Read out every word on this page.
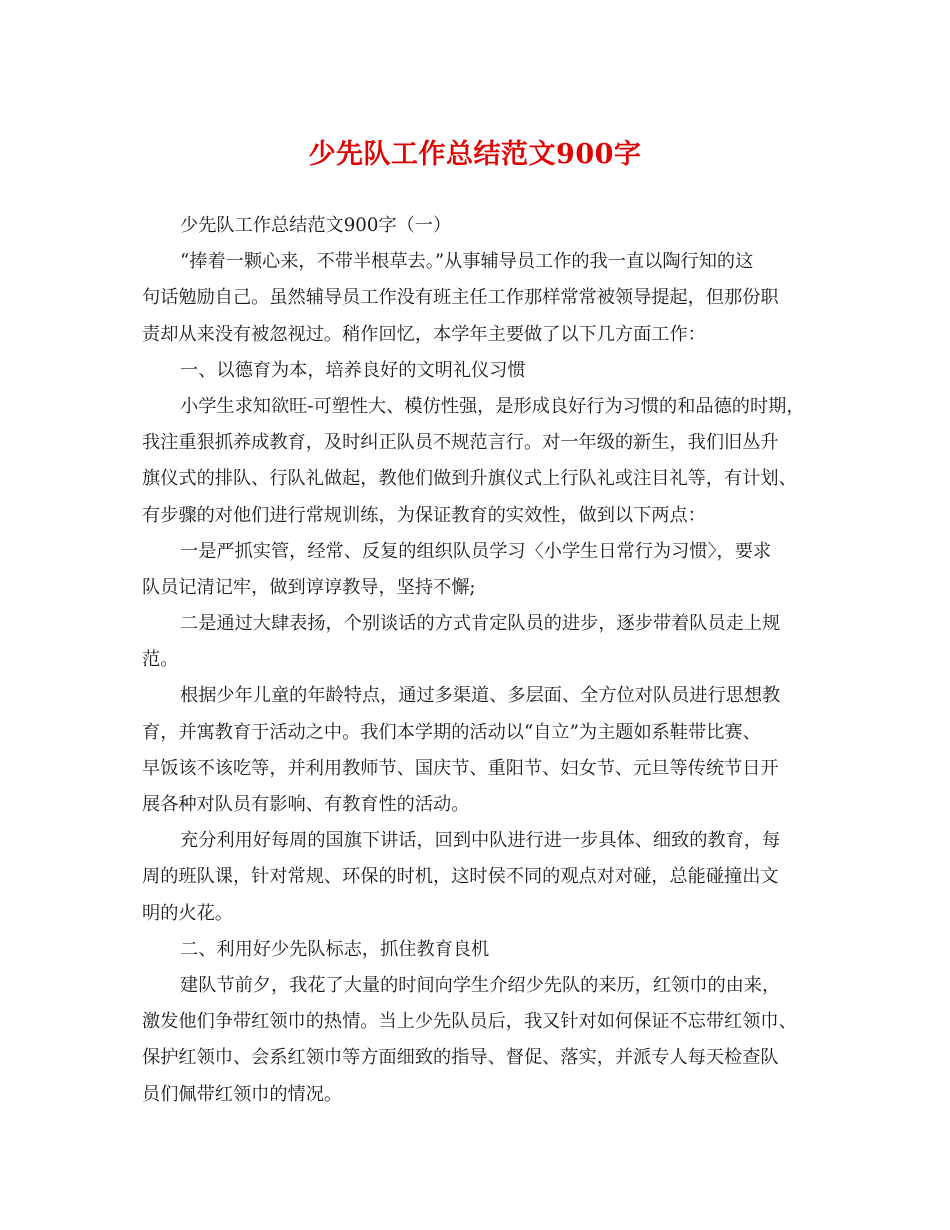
少先队工作总结范文900字
少先队工作总结范文900字（一）
“捧着一颗心来，不带半根草去。”从事辅导员工作的我一直以陶行知的这
句话勉励自己。虽然辅导员工作没有班主任工作那样常常被领导提起，但那份职
责却从来没有被忽视过。稍作回忆，本学年主要做了以下几方面工作：
一、以德育为本，培养良好的文明礼仪习惯
小学生求知欲旺-可塑性大、模仿性强，是形成良好行为习惯的和品德的时期，
我注重狠抓养成教育，及时纠正队员不规范言行。对一年级的新生，我们旧丛升
旗仪式的排队、行队礼做起，教他们做到升旗仪式上行队礼或注目礼等，有计划、
有步骤的对他们进行常规训练，为保证教育的实效性，做到以下两点：
一是严抓实管，经常、反复的组织队员学习〈小学生日常行为习惯〉，要求
队员记清记牢，做到谆谆教导，坚持不懈;
二是通过大肆表扬，个别谈话的方式肯定队员的进步，逐步带着队员走上规
范。
根据少年儿童的年龄特点，通过多渠道、多层面、全方位对队员进行思想教
育，并寓教育于活动之中。我们本学期的活动以“自立”为主题如系鞋带比赛、
早饭该不该吃等，并利用教师节、国庆节、重阳节、妇女节、元旦等传统节日开
展各种对队员有影响、有教育性的活动。
充分利用好每周的国旗下讲话，回到中队进行进一步具体、细致的教育，每
周的班队课，针对常规、环保的时机，这时侯不同的观点对对碰，总能碰撞出文
明的火花。
二、利用好少先队标志，抓住教育良机
建队节前夕，我花了大量的时间向学生介绍少先队的来历，红领巾的由来，
激发他们争带红领巾的热情。当上少先队员后，我又针对如何保证不忘带红领巾、
保护红领巾、会系红领巾等方面细致的指导、督促、落实，并派专人每天检查队
员们佩带红领巾的情况。
